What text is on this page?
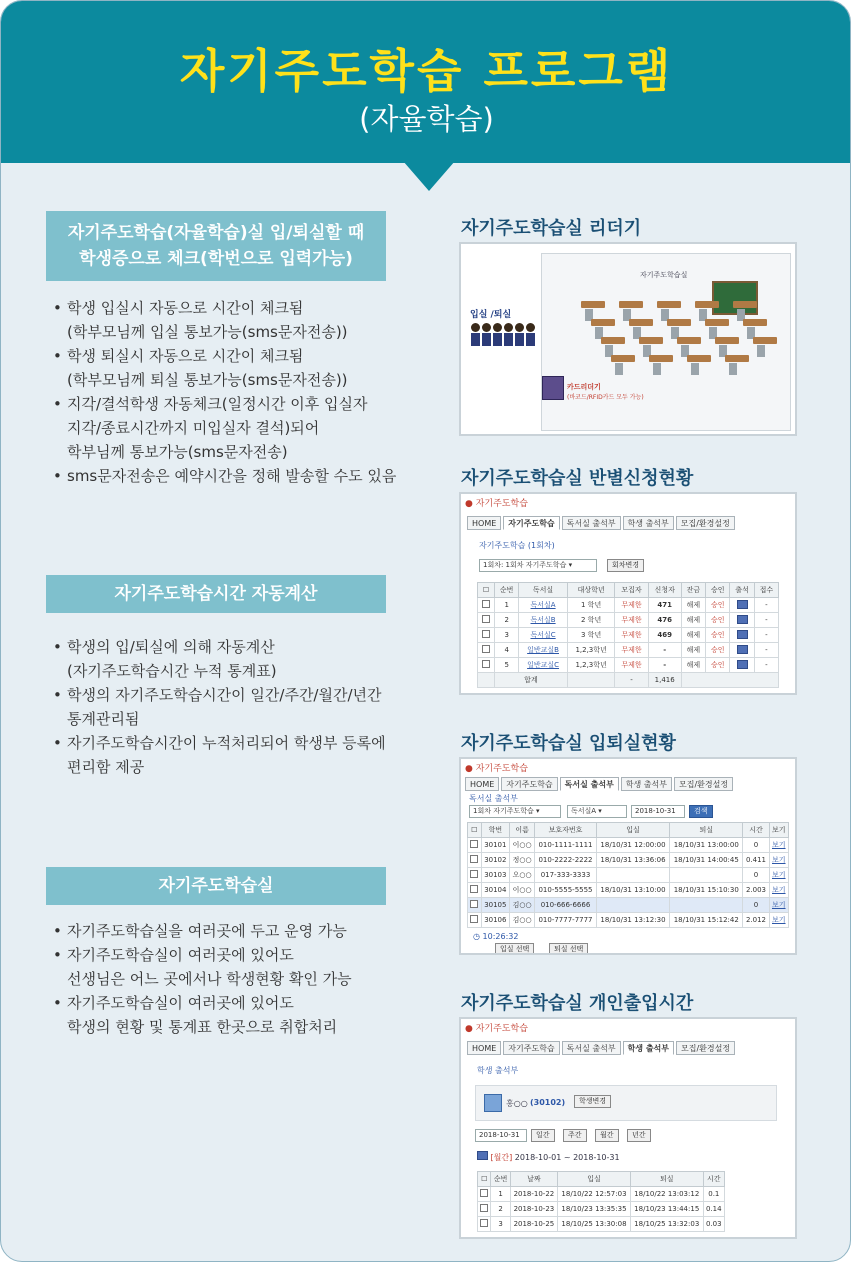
자기주도학습 프로그램
(자율학습)
자기주도학습(자율학습)실 입/퇴실할 때
학생증으로 체크(학번으로 입력가능)
• 학생 입실시 자동으로 시간이 체크됨
(학부모님께 입실 통보가능(sms문자전송))
• 학생 퇴실시 자동으로 시간이 체크됨
(학부모님께 퇴실 통보가능(sms문자전송))
• 지각/결석학생 자동체크(일정시간 이후 입실자
지각/종료시간까지 미입실자 결석)되어
학부님께 통보가능(sms문자전송)
• sms문자전송은 예약시간을 정해 발송할 수도 있음
자기주도학습시간 자동계산
• 학생의 입/퇴실에 의해 자동계산
(자기주도학습시간 누적 통계표)
• 학생의 자기주도학습시간이 일간/주간/월간/년간
통계관리됨
• 자기주도학습시간이 누적처리되어 학생부 등록에
편리함 제공
자기주도학습실
• 자기주도학습실을 여러곳에 두고 운영 가능
• 자기주도학습실이 여러곳에 있어도
선생님은 어느 곳에서나 학생현황 확인 가능
• 자기주도학습실이 여러곳에 있어도
학생의 현황 및 통계표 한곳으로 취합처리
자기주도학습실 리더기
자기주도학습실
입실 /퇴실
카드리더기
(바코드/RFID카드 모두 가능)
자기주도학습실 반별신청현황
● 자기주도학습
HOME	자기주도학습	독서실 출석부	학생 출석부	모집/환경설정
자기주도학습 (1회차)
1회차: 1회차 자기주도학습 ▾	회차변경
☐	순번	독서실	대상학년	모집자	신청자	잔금	승인	출석	접수
	1	독서실A	1 학년	무제한	471	해제	승인		-
	2	독서실B	2 학년	무제한	476	해제	승인		-
	3	독서실C	3 학년	무제한	469	해제	승인		-
	4	일반교실B	1,2,3학년	무제한	-	해제	승인		-
	5	일반교실C	1,2,3학년	무제한	-	해제	승인		-
	합계			-	1,416				
자기주도학습실 입퇴실현황
● 자기주도학습
HOME	자기주도학습	독서실 출석부	학생 출석부	모집/환경설정
독서실 출석부
1회차 자기주도학습 ▾	독서실A ▾	2018-10-31	검색
☐	학번	이름	보호자번호	입실	퇴실	시간	보기
	30101	이○○	010-1111-1111	18/10/31 12:00:00	18/10/31 13:00:00	0	보기
	30102	정○○	010-2222-2222	18/10/31 13:36:06	18/10/31 14:00:45	0.411	보기
	30103	오○○	017-333-3333			0	보기
	30104	이○○	010-5555-5555	18/10/31 13:10:00	18/10/31 15:10:30	2.003	보기
	30105	김○○	010-666-6666			0	보기
	30106	김○○	010-7777-7777	18/10/31 13:12:30	18/10/31 15:12:42	2.012	보기
◷ 10:26:32
입실 선택	퇴실 선택
자기주도학습실 개인출입시간
● 자기주도학습
HOME	자기주도학습	독서실 출석부	학생 출석부	모집/환경설정
학생 출석부
홍○○ (30102)	학생변경
2018-10-31	일간	주간	월간	년간
[월간] 2018-10-01 ~ 2018-10-31
☐	순번	날짜	입실	퇴실	시간
	1	2018-10-22	18/10/22 12:57:03	18/10/22 13:03:12	0.1
	2	2018-10-23	18/10/23 13:35:35	18/10/23 13:44:15	0.14
	3	2018-10-25	18/10/25 13:30:08	18/10/25 13:32:03	0.03
